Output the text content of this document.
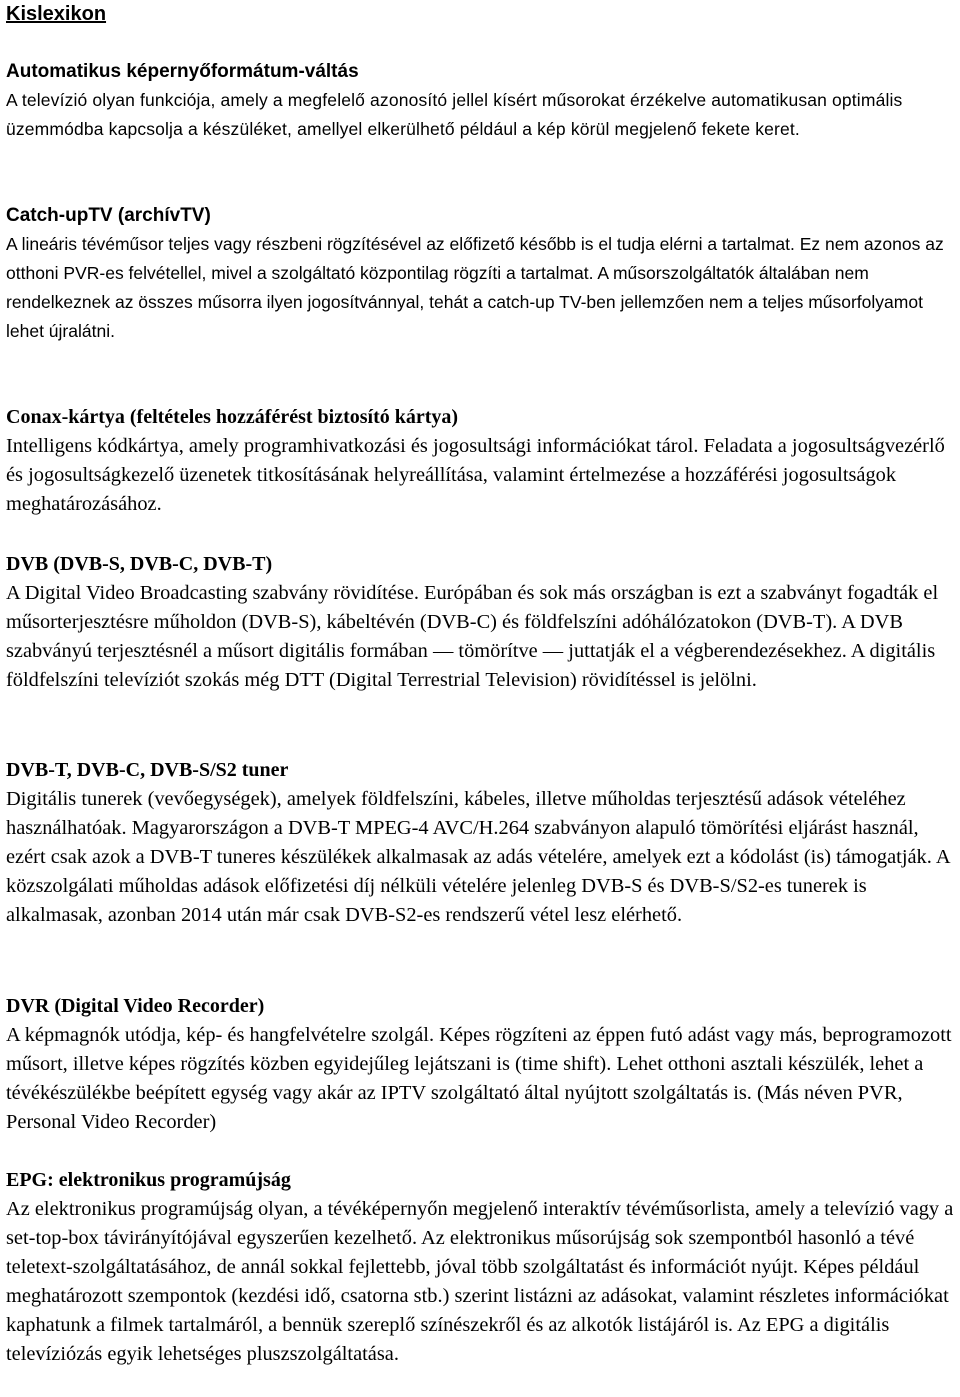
Kislexikon
Automatikus képernyőformátum-váltás
A televízió olyan funkciója, amely a megfelelő azonosító jellel kísért műsorokat érzékelve automatikusan optimális üzemmódba kapcsolja a készüléket, amellyel elkerülhető például a kép körül megjelenő fekete keret.
Catch-upTV (archívTV)
A lineáris tévéműsor teljes vagy részbeni rögzítésével az előfizető később is el tudja elérni a tartalmat. Ez nem azonos az otthoni PVR-es felvétellel, mivel a szolgáltató központilag rögzíti a tartalmat. A műsorszolgáltatók általában nem rendelkeznek az összes műsorra ilyen jogosítvánnyal, tehát a catch-up TV-ben jellemzően nem a teljes műsorfolyamot lehet újralátni.
Conax-kártya (feltételes hozzáférést biztosító kártya)
Intelligens kódkártya, amely programhivatkozási és jogosultsági információkat tárol. Feladata a jogosultságvezérlő és jogosultságkezelő üzenetek titkosításának helyreállítása, valamint értelmezése a hozzáférési jogosultságok meghatározásához.
DVB (DVB-S, DVB-C, DVB-T)
A Digital Video Broadcasting szabvány rövidítése. Európában és sok más országban is ezt a szabványt fogadták el műsorterjesztésre műholdon (DVB-S), kábeltévén (DVB-C) és földfelszíni adóhálózatokon (DVB-T). A DVB szabványú terjesztésnél a műsort digitális formában — tömörítve — juttatják el a végberendezésekhez. A digitális földfelszíni televíziót szokás még DTT (Digital Terrestrial Television) rövidítéssel is jelölni.
DVB-T, DVB-C, DVB-S/S2 tuner
Digitális tunerek (vevőegységek), amelyek földfelszíni, kábeles, illetve műholdas terjesztésű adások vételéhez használhatóak. Magyarországon a DVB-T MPEG-4 AVC/H.264 szabványon alapuló tömörítési eljárást használ, ezért csak azok a DVB-T tuneres készülékek alkalmasak az adás vételére, amelyek ezt a kódolást (is) támogatják. A közszolgálati műholdas adások előfizetési díj nélküli vételére jelenleg DVB-S és DVB-S/S2-es tunerek is alkalmasak, azonban 2014 után már csak DVB-S2-es rendszerű vétel lesz elérhető.
DVR (Digital Video Recorder)
A képmagnók utódja, kép- és hangfelvételre szolgál. Képes rögzíteni az éppen futó adást vagy más, beprogramozott műsort, illetve képes rögzítés közben egyidejűleg lejátszani is (time shift). Lehet otthoni asztali készülék, lehet a tévékészülékbe beépített egység vagy akár az IPTV szolgáltató által nyújtott szolgáltatás is. (Más néven PVR, Personal Video Recorder)
EPG: elektronikus programújság
Az elektronikus programújság olyan, a tévéképernyőn megjelenő interaktív tévéműsorlista, amely a televízió vagy a set-top-box távirányítójával egyszerűen kezelhető. Az elektronikus műsorújság sok szempontból hasonló a tévé teletext-szolgáltatásához, de annál sokkal fejlettebb, jóval több szolgáltatást és információt nyújt. Képes például meghatározott szempontok (kezdési idő, csatorna stb.) szerint listázni az adásokat, valamint részletes információkat kaphatunk a filmek tartalmáról, a bennük szereplő színészekről és az alkotók listájáról is. Az EPG a digitális televíziózás egyik lehetséges pluszszolgáltatása.
